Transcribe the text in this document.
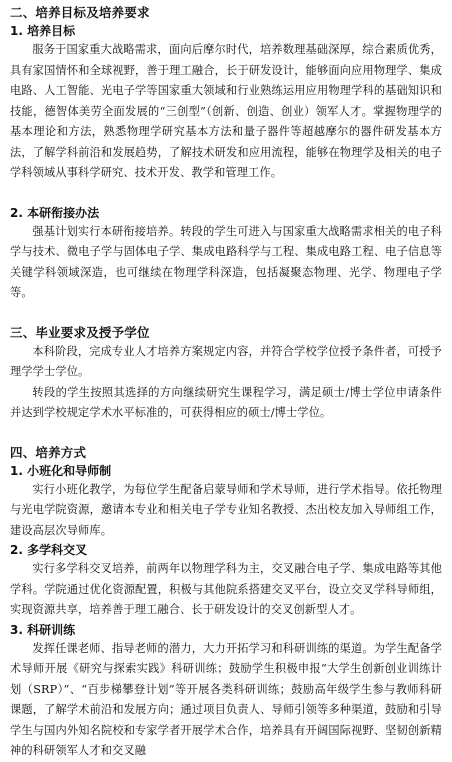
二、培养目标及培养要求
1. 培养目标

服务于国家重大战略需求，面向后摩尔时代，培养数理基础深厚，综合素质优秀，具有家国情怀和全球视野，善于理工融合，长于研发设计，能够面向应用物理学、集成电路、人工智能、光电子学等国家重大领域和行业熟练运用应用物理学科的基础知识和技能，德智体美劳全面发展的“三创型”（创新、创造、创业）领军人才。掌握物理学的基本理论和方法，熟悉物理学研究基本方法和量子器件等超越摩尔的器件研发基本方法，了解学科前沿和发展趋势，了解技术研发和应用流程，能够在物理学及相关的电子学科领域从事科学研究、技术开发、教学和管理工作。

2. 本研衔接办法

强基计划实行本研衔接培养。转段的学生可进入与国家重大战略需求相关的电子科学与技术、微电子学与固体电子学、集成电路科学与工程、集成电路工程、电子信息等关键学科领域深造，也可继续在物理学科深造，包括凝聚态物理、光学、物理电子学等。

三、毕业要求及授予学位

本科阶段，完成专业人才培养方案规定内容，并符合学校学位授予条件者，可授予理学学士学位。

转段的学生按照其选择的方向继续研究生课程学习，满足硕士/博士学位申请条件并达到学校规定学术水平标准的，可获得相应的硕士/博士学位。

四、培养方式
1. 小班化和导师制

实行小班化教学，为每位学生配备启蒙导师和学术导师，进行学术指导。依托物理与光电学院资源，邀请本专业和相关电子学专业知名教授、杰出校友加入导师组工作，建设高层次导师库。

2. 多学科交叉

实行多学科交叉培养，前两年以物理学科为主，交叉融合电子学、集成电路等其他学科。学院通过优化资源配置，积极与其他院系搭建交叉平台，设立交叉学科导师组，实现资源共享，培养善于理工融合、长于研发设计的交叉创新型人才。

3. 科研训练

发挥任课老师、指导老师的潜力，大力开拓学习和科研训练的渠道。为学生配备学术导师开展《研究与探索实践》科研训练；鼓励学生积极申报“大学生创新创业训练计划（SRP）”、“百步梯攀登计划”等开展各类科研训练；鼓励高年级学生参与教师科研课题，了解学术前沿和发展方向；通过项目负责人、导师引领等多种渠道，鼓励和引导学生与国内外知名院校和专家学者开展学术合作，培养具有开阔国际视野、坚韧创新精神的科研领军人才和交叉融
